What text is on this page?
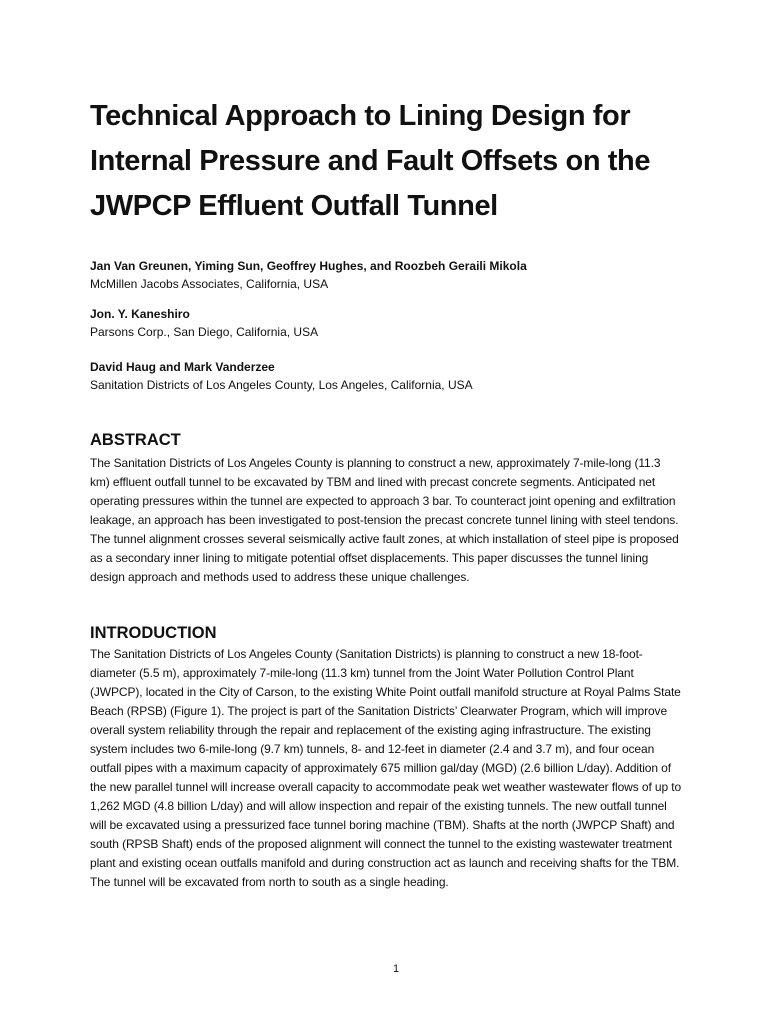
Technical Approach to Lining Design for Internal Pressure and Fault Offsets on the JWPCP Effluent Outfall Tunnel

Jan Van Greunen, Yiming Sun, Geoffrey Hughes, and Roozbeh Geraili Mikola

McMillen Jacobs Associates, California, USA

Jon. Y. Kaneshiro

Parsons Corp., San Diego, California, USA

David Haug and Mark Vanderzee

Sanitation Districts of Los Angeles County, Los Angeles, California, USA

ABSTRACT

The Sanitation Districts of Los Angeles County is planning to construct a new, approximately 7-mile-long (11.3 km) effluent outfall tunnel to be excavated by TBM and lined with precast concrete segments. Anticipated net operating pressures within the tunnel are expected to approach 3 bar. To counteract joint opening and exfiltration leakage, an approach has been investigated to post-tension the precast concrete tunnel lining with steel tendons. The tunnel alignment crosses several seismically active fault zones, at which installation of steel pipe is proposed as a secondary inner lining to mitigate potential offset displacements. This paper discusses the tunnel lining design approach and methods used to address these unique challenges.

INTRODUCTION

The Sanitation Districts of Los Angeles County (Sanitation Districts) is planning to construct a new 18-foot-diameter (5.5 m), approximately 7-mile-long (11.3 km) tunnel from the Joint Water Pollution Control Plant (JWPCP), located in the City of Carson, to the existing White Point outfall manifold structure at Royal Palms State Beach (RPSB) (Figure 1). The project is part of the Sanitation Districts’ Clearwater Program, which will improve overall system reliability through the repair and replacement of the existing aging infrastructure. The existing system includes two 6-mile-long (9.7 km) tunnels, 8- and 12-feet in diameter (2.4 and 3.7 m), and four ocean outfall pipes with a maximum capacity of approximately 675 million gal/day (MGD) (2.6 billion L/day). Addition of the new parallel tunnel will increase overall capacity to accommodate peak wet weather wastewater flows of up to 1,262 MGD (4.8 billion L/day) and will allow inspection and repair of the existing tunnels. The new outfall tunnel will be excavated using a pressurized face tunnel boring machine (TBM). Shafts at the north (JWPCP Shaft) and south (RPSB Shaft) ends of the proposed alignment will connect the tunnel to the existing wastewater treatment plant and existing ocean outfalls manifold and during construction act as launch and receiving shafts for the TBM. The tunnel will be excavated from north to south as a single heading.

1
